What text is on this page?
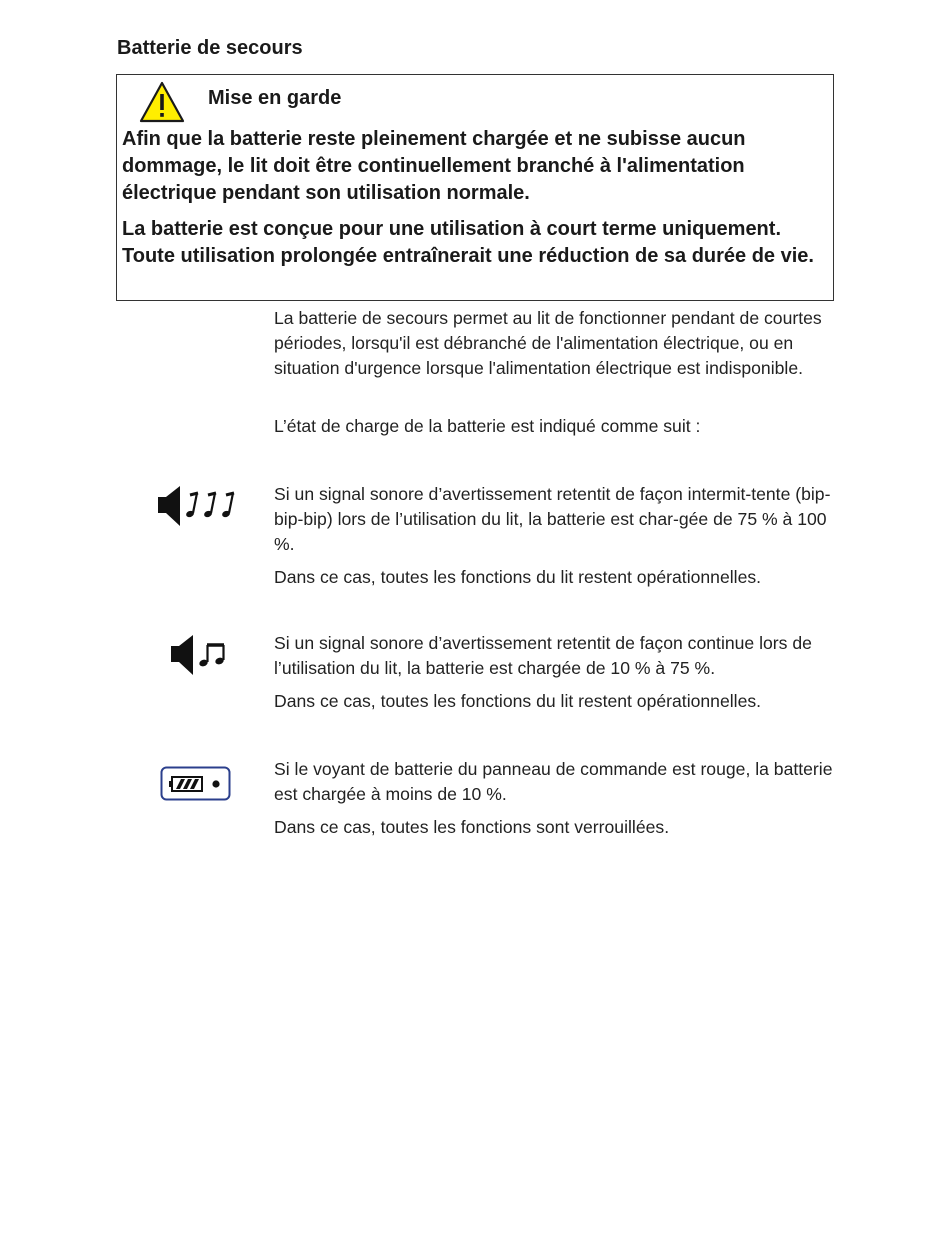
Batterie de secours
Mise en garde

Afin que la batterie reste pleinement chargée et ne subisse aucun dommage, le lit doit être continuellement branché à l'alimentation électrique pendant son utilisation normale.

La batterie est conçue pour une utilisation à court terme uniquement. Toute utilisation prolongée entraînerait une réduction de sa durée de vie.

La batterie de secours permet au lit de fonctionner pendant de courtes périodes, lorsqu'il est débranché de l'alimentation électrique, ou en situation d'urgence lorsque l'alimentation électrique est indisponible.

L’état de charge de la batterie est indiqué comme suit :

Si un signal sonore d’avertissement retentit de façon intermit-tente (bip-bip-bip) lors de l’utilisation du lit, la batterie est char-gée de 75 % à 100 %.

Dans ce cas, toutes les fonctions du lit restent opérationnelles.

Si un signal sonore d’avertissement retentit de façon continue lors de l’utilisation du lit, la batterie est chargée de 10 % à 75 %.

Dans ce cas, toutes les fonctions du lit restent opérationnelles.

Si le voyant de batterie du panneau de commande est rouge, la batterie est chargée à moins de 10 %.

Dans ce cas, toutes les fonctions sont verrouillées.
